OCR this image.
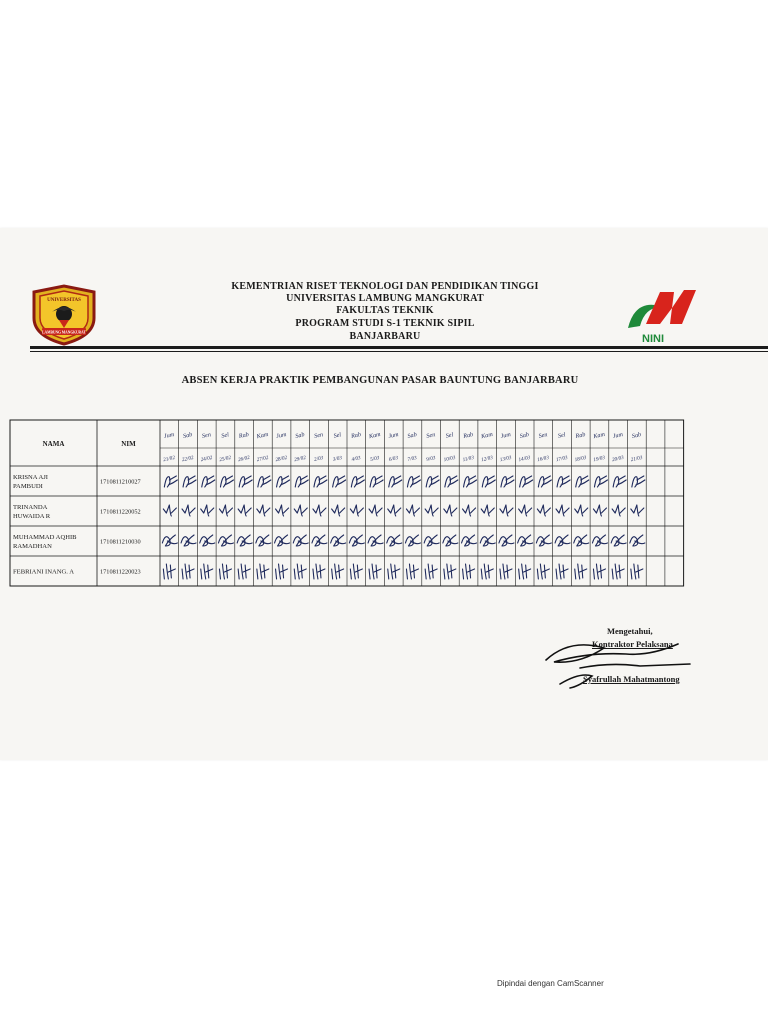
UNIVERSITAS
LAMBUNG MANGKURAT
NINI
KEMENTRIAN RISET TEKNOLOGI DAN PENDIDIKAN TINGGI
UNIVERSITAS LAMBUNG MANGKURAT
FAKULTAS TEKNIK
PROGRAM STUDI S-1 TEKNIK SIPIL
BANJARBARU
ABSEN KERJA PRAKTIK PEMBANGUNAN PASAR BAUNTUNG BANJARBARU
NAMA	NIM
Jum
21/02
Sab
22/02
Sen
24/02
Sel
25/02
Rab
26/02
Kam
27/02
Jum
28/02
Sab
29/02
Sen
2/03
Sel
3/03
Rab
4/03
Kam
5/03
Jum
6/03
Sab
7/03
Sen
9/03
Sel
10/03
Rab
11/03
Kam
12/03
Jum
13/03
Sab
14/03
Sen
16/03
Sel
17/03
Rab
18/03
Kam
19/03
Jum
20/03
Sab
21/03
KRISNA AJI
PAMBUDI
1710811210027
TRINANDA
HUWAIDA R
1710811220052
MUHAMMAD AQHIB
RAMADHAN
1710811210030
FEBRIANI INANG. A	1710811220023
Mengetahui,
Kontraktor Pelaksana
Syafrullah Mahatmantong
Dipindai dengan CamScanner
